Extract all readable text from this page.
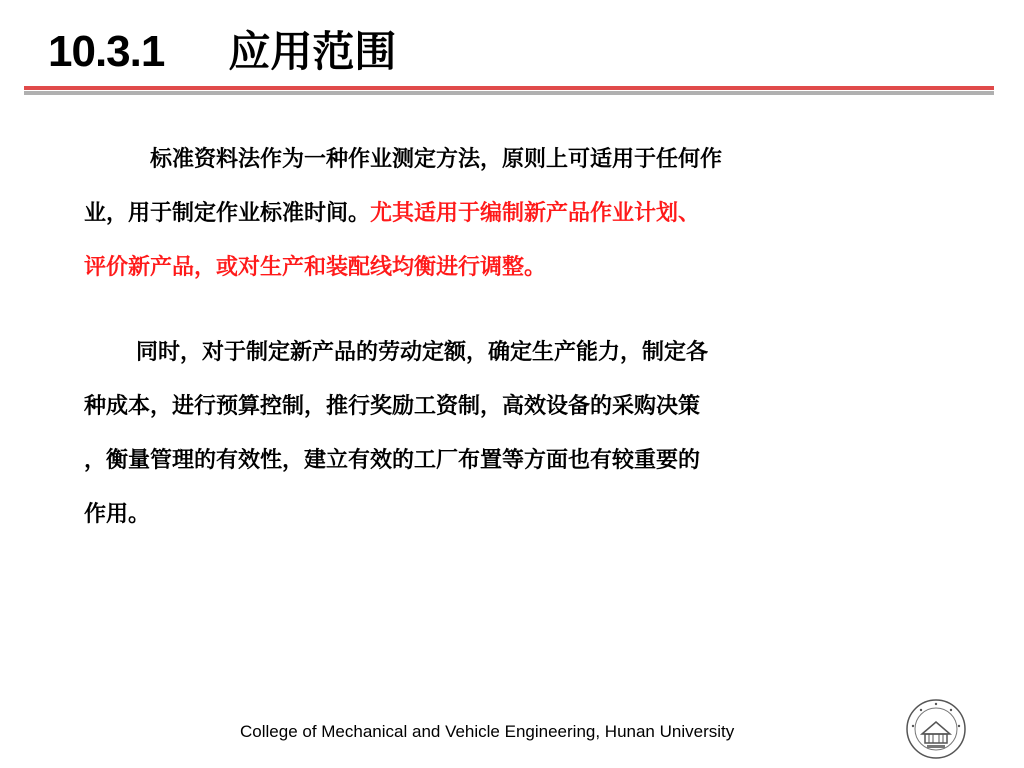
10.3.1 应用范围
标准资料法作为一种作业测定方法，原则上可适用于任何作
业，用于制定作业标准时间。尤其适用于编制新产品作业计划、
评价新产品，或对生产和装配线均衡进行调整。
同时，对于制定新产品的劳动定额，确定生产能力，制定各
种成本，进行预算控制，推行奖励工资制，高效设备的采购决策
，衡量管理的有效性，建立有效的工厂布置等方面也有较重要的
作用。
College of Mechanical and Vehicle Engineering, Hunan University
